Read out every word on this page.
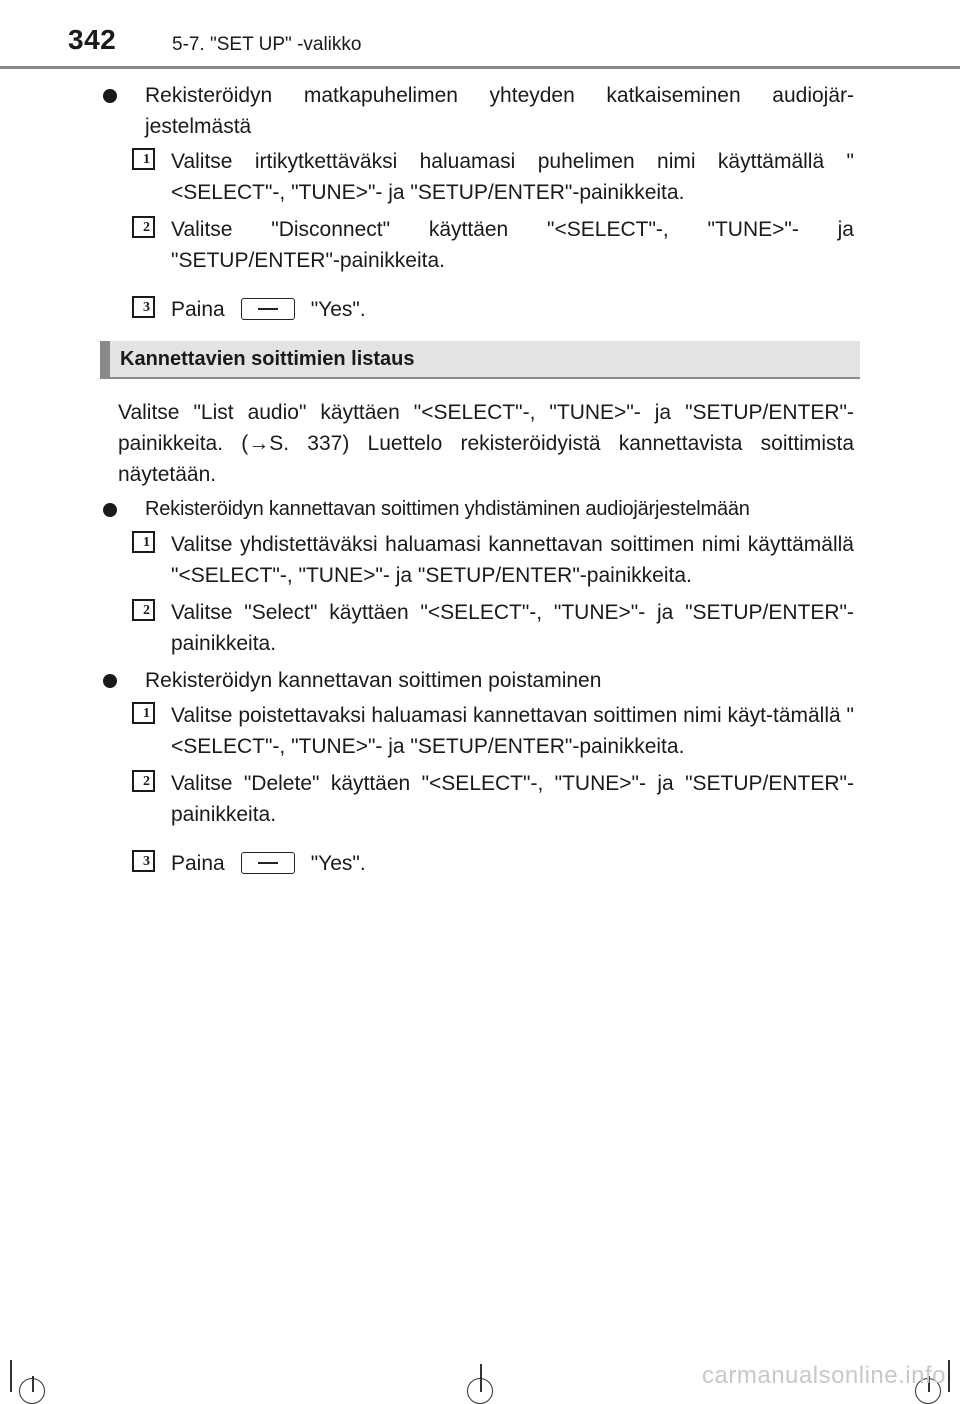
342	5-7. "SET UP" -valikko
Rekisteröidyn matkapuhelimen yhteyden katkaiseminen audiojär-jestelmästä
1 Valitse irtikytkettäväksi haluamasi puhelimen nimi käyttämällä "<SELECT"-, "TUNE>"- ja "SETUP/ENTER"-painikkeita.
2 Valitse "Disconnect" käyttäen "<SELECT"-, "TUNE>"- ja "SETUP/ENTER"-painikkeita.
3 Paina	"Yes".
Kannettavien soittimien listaus
Valitse "List audio" käyttäen "<SELECT"-, "TUNE>"- ja "SETUP/ENTER"-painikkeita. (→S. 337) Luettelo rekisteröidyistä kannettavista soittimista näytetään.
Rekisteröidyn kannettavan soittimen yhdistäminen audiojärjestelmään
1 Valitse yhdistettäväksi haluamasi kannettavan soittimen nimi käyttämällä "<SELECT"-, "TUNE>"- ja "SETUP/ENTER"-painikkeita.
2 Valitse "Select" käyttäen "<SELECT"-, "TUNE>"- ja "SETUP/ENTER"-painikkeita.
Rekisteröidyn kannettavan soittimen poistaminen
1 Valitse poistettavaksi haluamasi kannettavan soittimen nimi käyt-tämällä "<SELECT"-, "TUNE>"- ja "SETUP/ENTER"-painikkeita.
2 Valitse "Delete" käyttäen "<SELECT"-, "TUNE>"- ja "SETUP/ENTER"-painikkeita.
3 Paina	"Yes".
carmanualsonline.info
